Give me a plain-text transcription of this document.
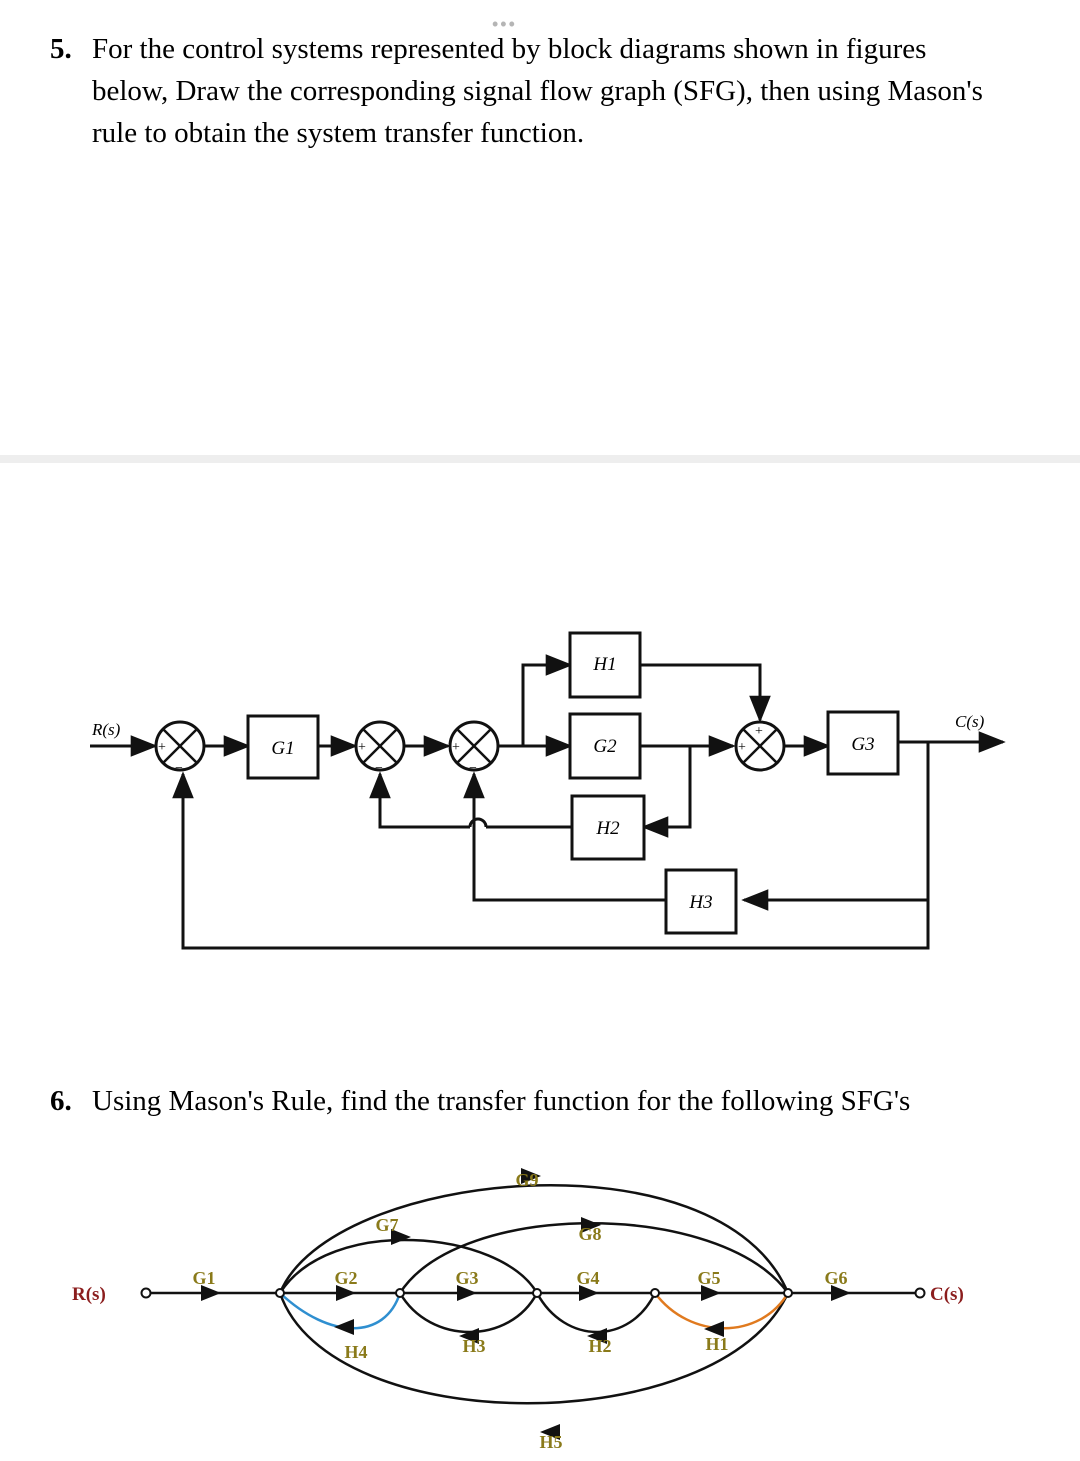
•••
5. For the control systems represented by block diagrams shown in figures
below, Draw the corresponding signal flow graph (SFG), then using Mason's
rule to obtain the system transfer function.
+
−
+
−
+
−
+
+
G1
H1
G2
H2
G3
H3
R(s)	C(s)
6. Using Mason's Rule, find the transfer function for the following SFG's
R(s)	C(s)
G1	G2	G3	G4	G5	G6
G7	G8
G9
H4	H3	H2	H1
H5
